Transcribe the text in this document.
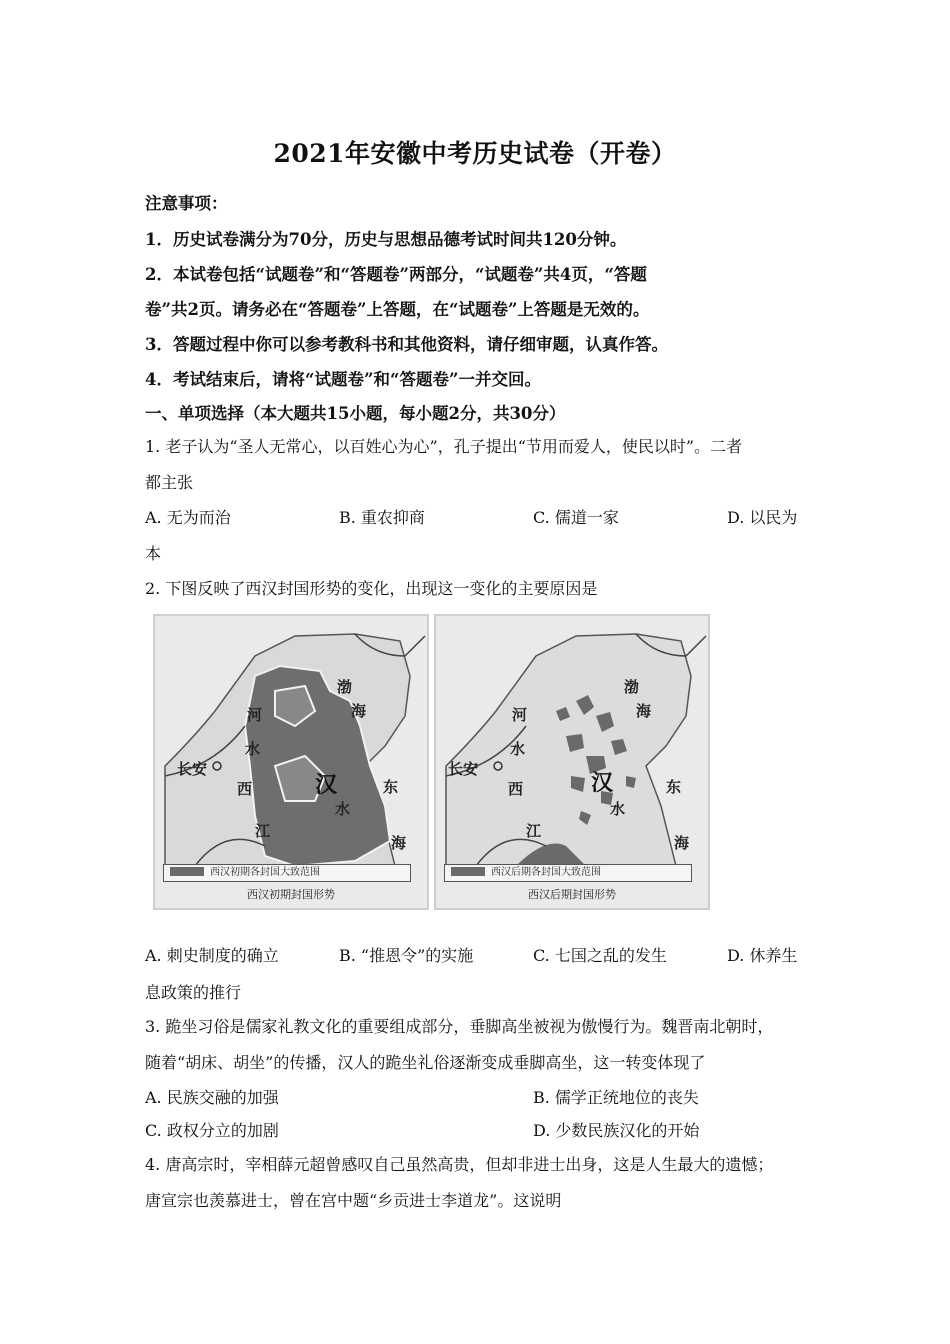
2021年安徽中考历史试卷（开卷）
注意事项：
1．历史试卷满分为70分，历史与思想品德考试时间共120分钟。
2．本试卷包括“试题卷”和“答题卷”两部分，“试题卷”共4页，“答题
卷”共2页。请务必在“答题卷”上答题，在“试题卷”上答题是无效的。
3．答题过程中你可以参考教科书和其他资料，请仔细审题，认真作答。
4．考试结束后，请将“试题卷”和“答题卷”一并交回。
一、单项选择（本大题共15小题，每小题2分，共30分）
1. 老子认为“圣人无常心，以百姓心为心”，孔子提出“节用而爱人，使民以时”。二者
都主张
A. 无为而治	B. 重农抑商	C. 儒道一家	D. 以民为
本
2. 下图反映了西汉封国形势的变化，出现这一变化的主要原因是
河
水
长安
西
江
汉
水
渤
海
东
海
西汉初期各封国大致范围
西汉初期封国形势
河
水
长安
西
江
汉
水
渤
海
东
海
西汉后期各封国大致范围
西汉后期封国形势
A. 刺史制度的确立	B. “推恩令”的实施	C. 七国之乱的发生	D. 休养生
息政策的推行
3. 跪坐习俗是儒家礼教文化的重要组成部分，垂脚高坐被视为傲慢行为。魏晋南北朝时，
随着“胡床、胡坐”的传播，汉人的跪坐礼俗逐渐变成垂脚高坐，这一转变体现了
A. 民族交融的加强	B. 儒学正统地位的丧失
C. 政权分立的加剧	D. 少数民族汉化的开始
4. 唐高宗时，宰相薛元超曾感叹自己虽然高贵，但却非进士出身，这是人生最大的遗憾；
唐宣宗也羡慕进士，曾在宫中题“乡贡进士李道龙”。这说明
